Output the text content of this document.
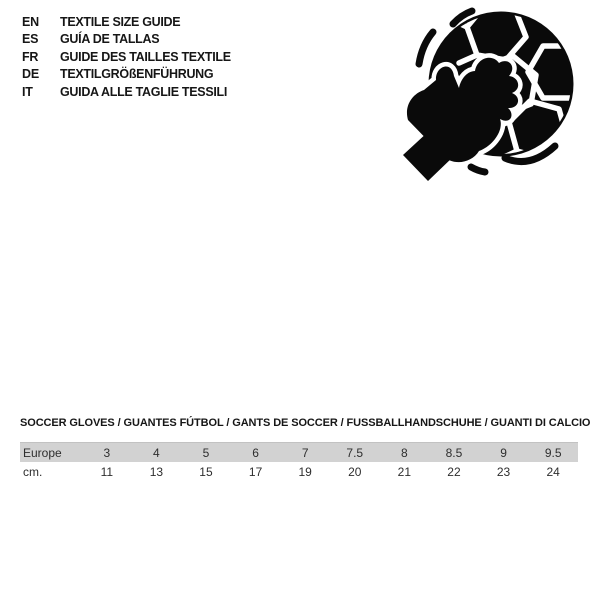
EN	TEXTILE SIZE GUIDE
ES	GUÍA DE TALLAS
FR	GUIDE DES TAILLES TEXTILE
DE	TEXTILGRÖßENFÜHRUNG
IT	GUIDA ALLE TAGLIE TESSILI

SOCCER GLOVES / GUANTES FÚTBOL / GANTS DE SOCCER / FUSSBALLHANDSCHUHE / GUANTI DI CALCIO

Europe	3	4	5	6	7	7.5	8	8.5	9	9.5
cm.	11	13	15	17	19	20	21	22	23	24
